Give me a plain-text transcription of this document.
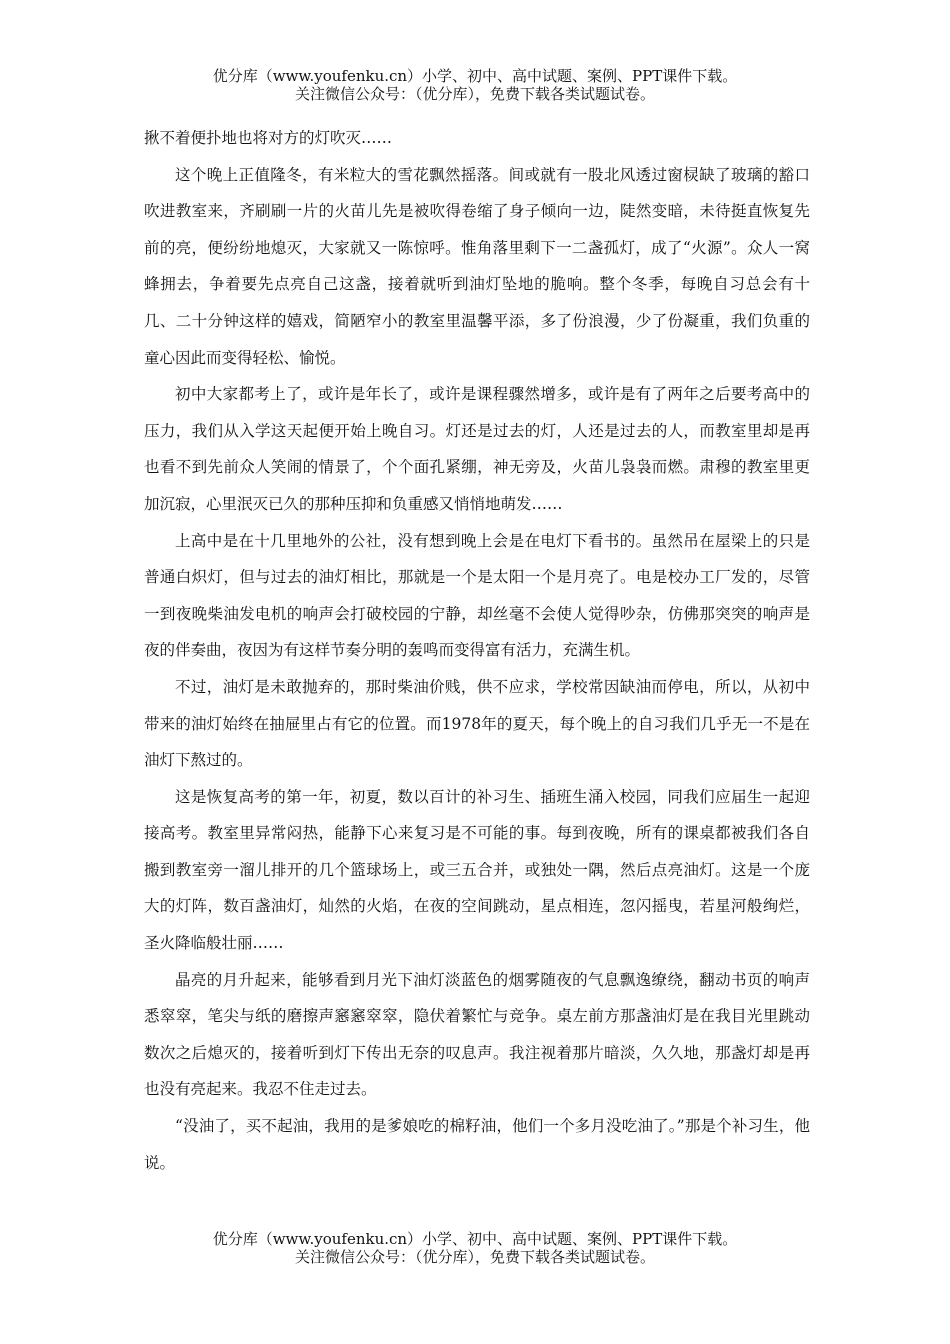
优分库（www.youfenku.cn）小学、初中、高中试题、案例、PPT课件下载。
关注微信公众号：（优分库），免费下载各类试题试卷。

揪不着便扑地也将对方的灯吹灭……

这个晚上正值隆冬，有米粒大的雪花飘然摇落。间或就有一股北风透过窗棂缺了玻璃的豁口吹进教室来，齐刷刷一片的火苗儿先是被吹得卷缩了身子倾向一边，陡然变暗，未待挺直恢复先前的亮，便纷纷地熄灭，大家就又一陈惊呼。惟角落里剩下一二盏孤灯，成了“火源”。众人一窝蜂拥去，争着要先点亮自己这盏，接着就听到油灯坠地的脆响。整个冬季，每晚自习总会有十几、二十分钟这样的嬉戏，简陋窄小的教室里温馨平添，多了份浪漫，少了份凝重，我们负重的童心因此而变得轻松、愉悦。

初中大家都考上了，或许是年长了，或许是课程骤然增多，或许是有了两年之后要考高中的压力，我们从入学这天起便开始上晚自习。灯还是过去的灯，人还是过去的人，而教室里却是再也看不到先前众人笑闹的情景了，个个面孔紧绷，神无旁及，火苗儿袅袅而燃。肃穆的教室里更加沉寂，心里泯灭已久的那种压抑和负重感又悄悄地萌发……

上高中是在十几里地外的公社，没有想到晚上会是在电灯下看书的。虽然吊在屋梁上的只是普通白炽灯，但与过去的油灯相比，那就是一个是太阳一个是月亮了。电是校办工厂发的，尽管一到夜晚柴油发电机的响声会打破校园的宁静，却丝毫不会使人觉得吵杂，仿佛那突突的响声是夜的伴奏曲，夜因为有这样节奏分明的轰鸣而变得富有活力，充满生机。

不过，油灯是未敢抛弃的，那时柴油价贱，供不应求，学校常因缺油而停电，所以，从初中带来的油灯始终在抽屉里占有它的位置。而1978年的夏天，每个晚上的自习我们几乎无一不是在油灯下熬过的。

这是恢复高考的第一年，初夏，数以百计的补习生、插班生涌入校园，同我们应届生一起迎接高考。教室里异常闷热，能静下心来复习是不可能的事。每到夜晚，所有的课桌都被我们各自搬到教室旁一溜儿排开的几个篮球场上，或三五合并，或独处一隅，然后点亮油灯。这是一个庞大的灯阵，数百盏油灯，灿然的火焰，在夜的空间跳动，星点相连，忽闪摇曳，若星河般绚烂，圣火降临般壮丽……

晶亮的月升起来，能够看到月光下油灯淡蓝色的烟雾随夜的气息飘逸缭绕，翻动书页的响声悉窣窣，笔尖与纸的磨擦声窸窸窣窣，隐伏着繁忙与竞争。桌左前方那盏油灯是在我目光里跳动数次之后熄灭的，接着听到灯下传出无奈的叹息声。我注视着那片暗淡，久久地，那盏灯却是再也没有亮起来。我忍不住走过去。

“没油了，买不起油，我用的是爹娘吃的棉籽油，他们一个多月没吃油了。”那是个补习生，他说。

优分库（www.youfenku.cn）小学、初中、高中试题、案例、PPT课件下载。
关注微信公众号：（优分库），免费下载各类试题试卷。
